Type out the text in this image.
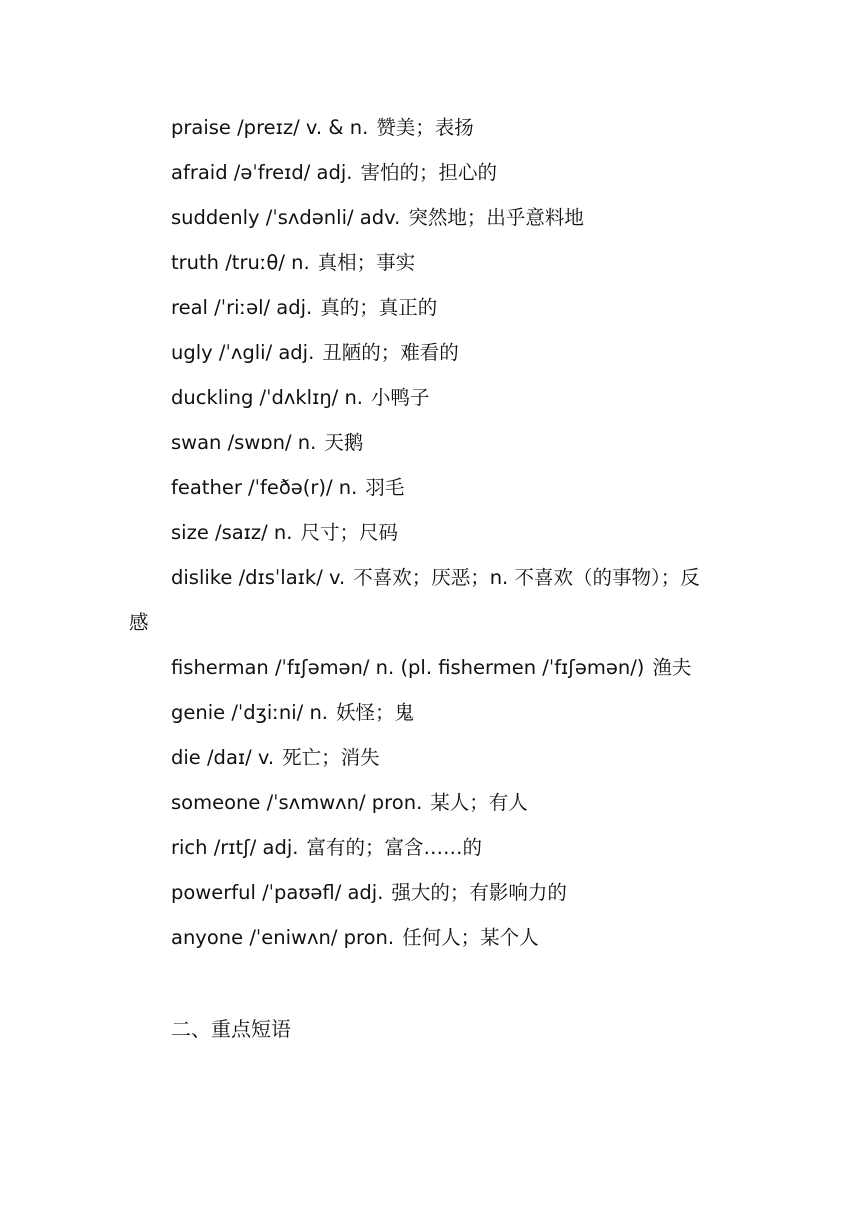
praise /preɪz/ v. & n. 赞美；表扬
afraid /əˈfreɪd/ adj. 害怕的；担心的
suddenly /ˈsʌdənli/ adv. 突然地；出乎意料地
truth /truːθ/ n. 真相；事实
real /ˈriːəl/ adj. 真的；真正的
ugly /ˈʌgli/ adj. 丑陋的；难看的
duckling /ˈdʌklɪŋ/ n. 小鸭子
swan /swɒn/ n. 天鹅
feather /ˈfeðə(r)/ n. 羽毛
size /saɪz/ n. 尺寸；尺码
dislike /dɪsˈlaɪk/ v. 不喜欢；厌恶；n. 不喜欢（的事物）；反
感
fisherman /ˈfɪʃəmən/ n. (pl. fishermen /ˈfɪʃəmən/) 渔夫
genie /ˈdʒiːni/ n. 妖怪；鬼
die /daɪ/ v. 死亡；消失
someone /ˈsʌmwʌn/ pron. 某人；有人
rich /rɪtʃ/ adj. 富有的；富含……的
powerful /ˈpaʊəfl/ adj. 强大的；有影响力的
anyone /ˈeniwʌn/ pron. 任何人；某个人
二、重点短语
